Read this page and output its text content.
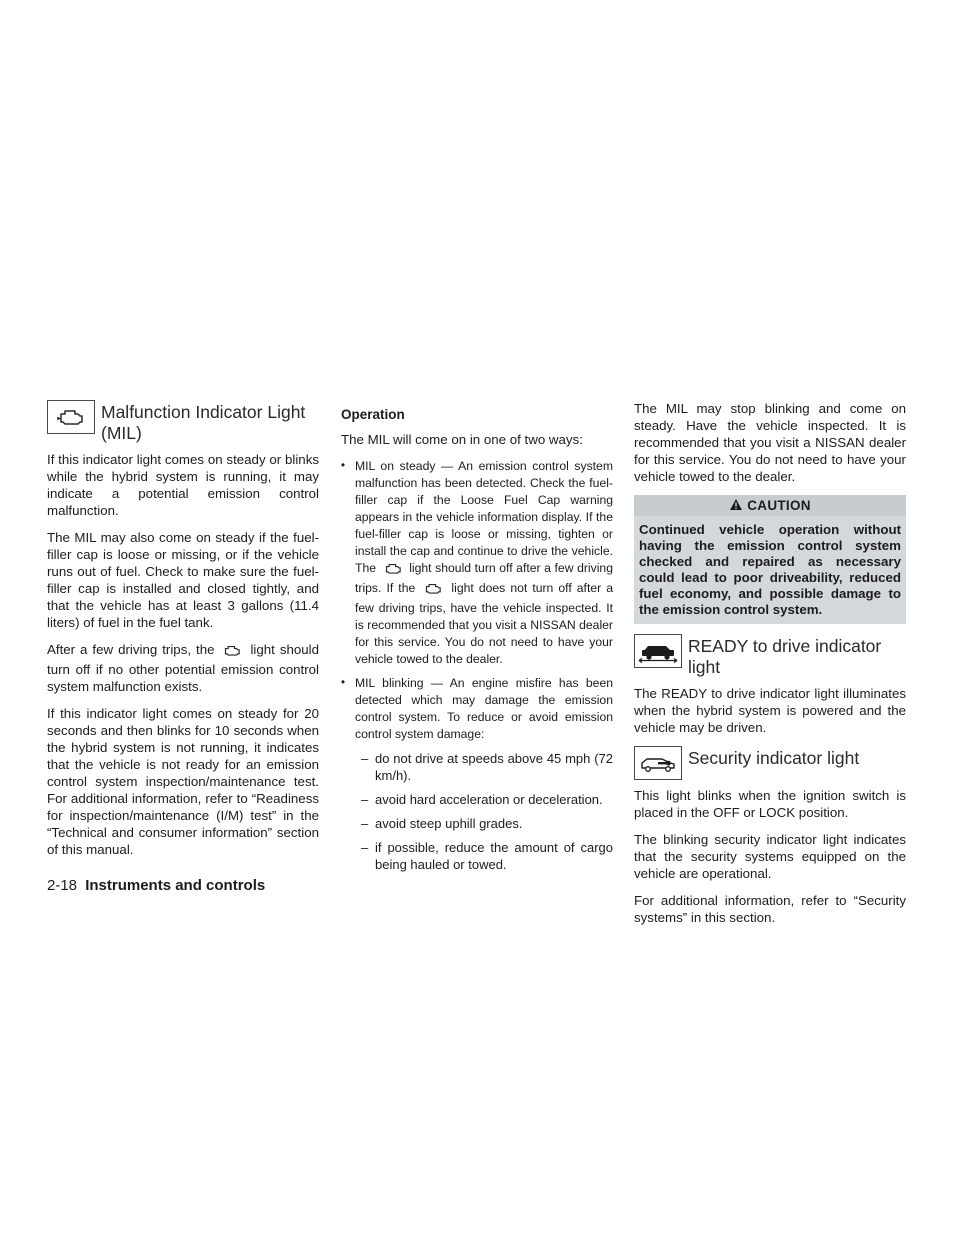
Malfunction Indicator Light (MIL)

If this indicator light comes on steady or blinks while the hybrid system is running, it may indicate a potential emission control malfunction.

The MIL may also come on steady if the fuel-filler cap is loose or missing, or if the vehicle runs out of fuel. Check to make sure the fuel-filler cap is installed and closed tightly, and that the vehicle has at least 3 gallons (11.4 liters) of fuel in the fuel tank.

After a few driving trips, the	light should turn off if no other potential emission control system malfunction exists.

If this indicator light comes on steady for 20 seconds and then blinks for 10 seconds when the hybrid system is not running, it indicates that the vehicle is not ready for an emission control system inspection/maintenance test. For additional information, refer to “Readiness for inspection/maintenance (I/M) test” in the “Technical and consumer information” section of this manual.

Operation

The MIL will come on in one of two ways:

• MIL on steady — An emission control system malfunction has been detected. Check the fuel-filler cap if the Loose Fuel Cap warning appears in the vehicle information display. If the fuel-filler cap is loose or missing, tighten or install the cap and continue to drive the vehicle. The	light should turn off after a few driving trips. If the	light does not turn off after a few driving trips, have the vehicle inspected. It is recommended that you visit a NISSAN dealer for this service. You do not need to have your vehicle towed to the dealer.
• MIL blinking — An engine misfire has been detected which may damage the emission control system. To reduce or avoid emission control system damage:
– do not drive at speeds above 45 mph (72 km/h).
– avoid hard acceleration or deceleration.
– avoid steep uphill grades.
– if possible, reduce the amount of cargo being hauled or towed.

The MIL may stop blinking and come on steady. Have the vehicle inspected. It is recommended that you visit a NISSAN dealer for this service. You do not need to have your vehicle towed to the dealer.

CAUTION
Continued vehicle operation without having the emission control system checked and repaired as necessary could lead to poor driveability, reduced fuel economy, and possible damage to the emission control system.
READY to drive indicator light

The READY to drive indicator light illuminates when the hybrid system is powered and the vehicle may be driven.

Security indicator light

This light blinks when the ignition switch is placed in the OFF or LOCK position.

The blinking security indicator light indicates that the security systems equipped on the vehicle are operational.

For additional information, refer to “Security systems” in this section.

2-18 Instruments and controls
